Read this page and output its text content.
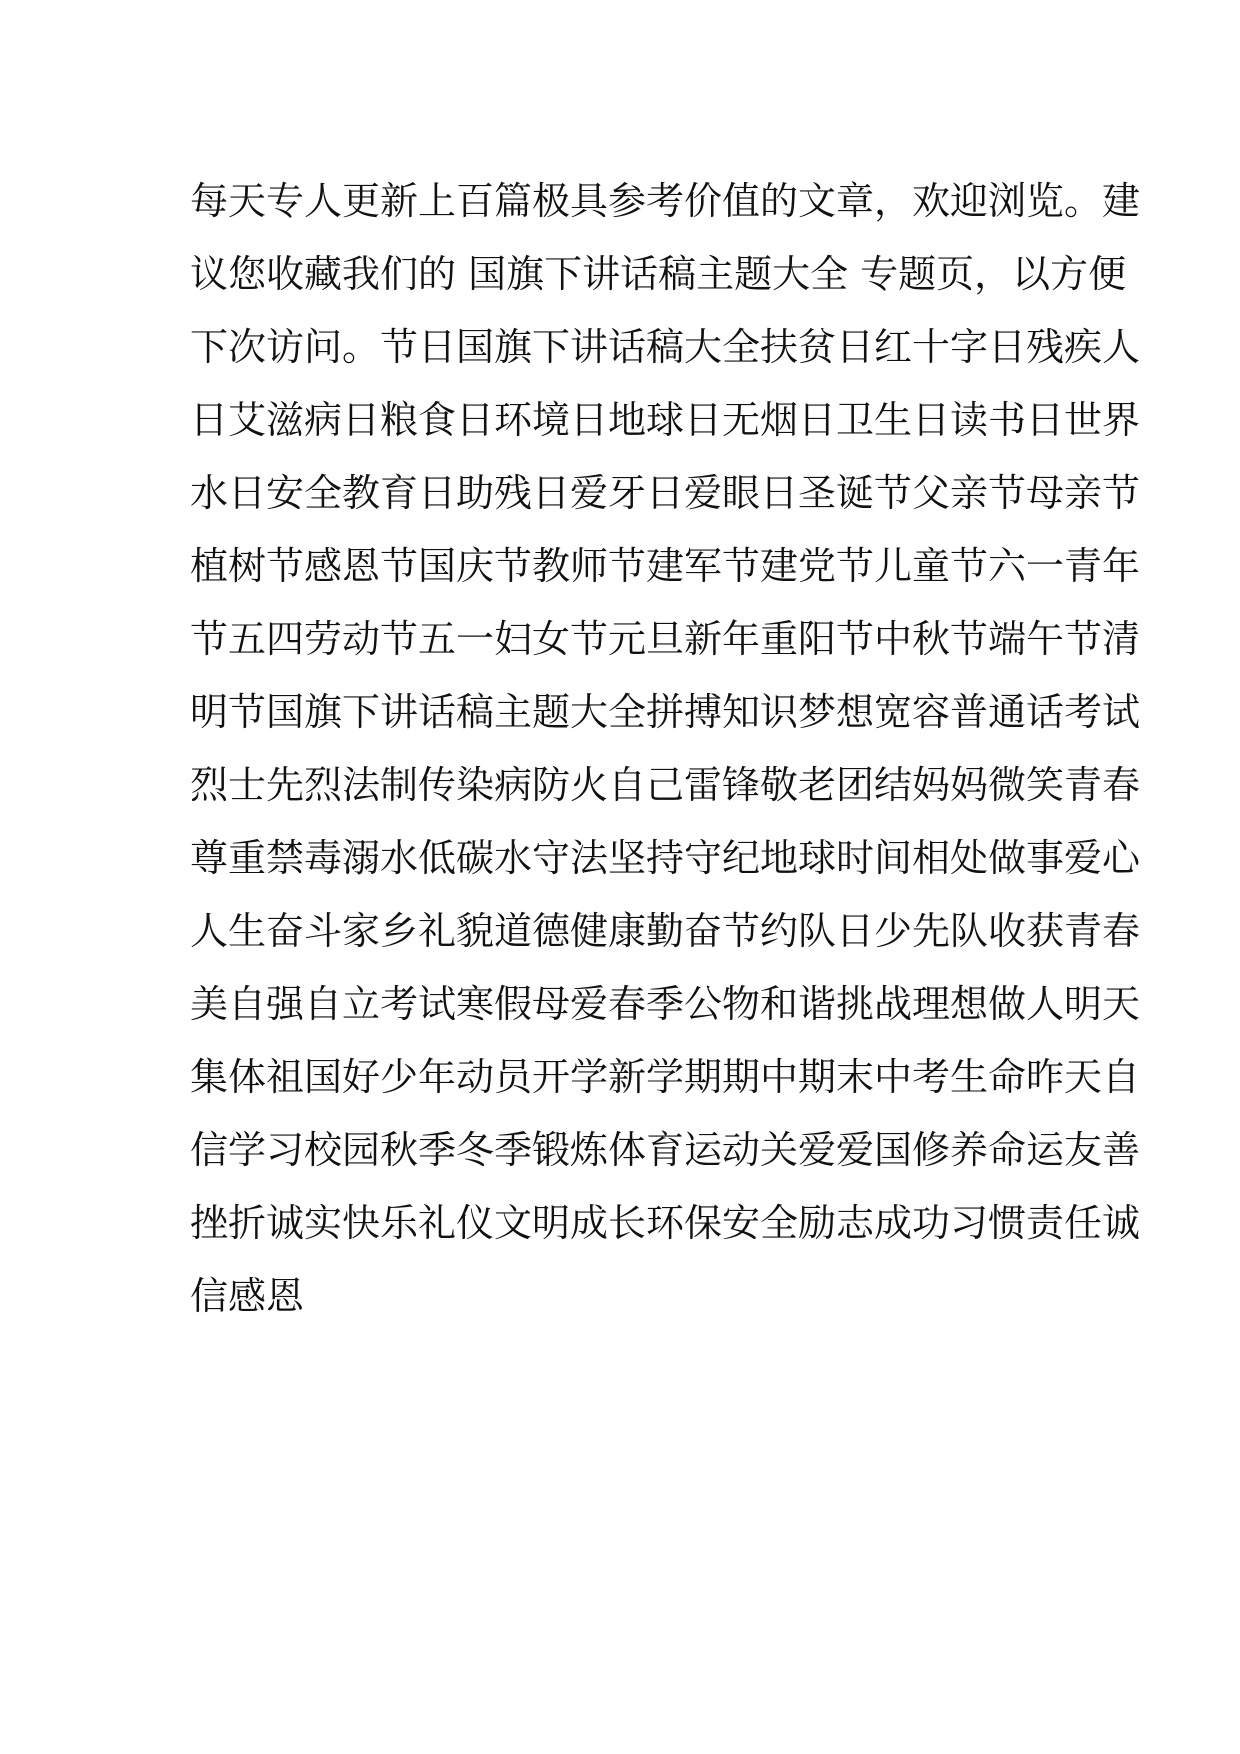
每天专人更新上百篇极具参考价值的文章，欢迎浏览。建
议您收藏我们的 国旗下讲话稿主题大全 专题页，以方便
下次访问。节日国旗下讲话稿大全扶贫日红十字日残疾人
日艾滋病日粮食日环境日地球日无烟日卫生日读书日世界
水日安全教育日助残日爱牙日爱眼日圣诞节父亲节母亲节
植树节感恩节国庆节教师节建军节建党节儿童节六一青年
节五四劳动节五一妇女节元旦新年重阳节中秋节端午节清
明节国旗下讲话稿主题大全拼搏知识梦想宽容普通话考试
烈士先烈法制传染病防火自己雷锋敬老团结妈妈微笑青春
尊重禁毒溺水低碳水守法坚持守纪地球时间相处做事爱心
人生奋斗家乡礼貌道德健康勤奋节约队日少先队收获青春
美自强自立考试寒假母爱春季公物和谐挑战理想做人明天
集体祖国好少年动员开学新学期期中期末中考生命昨天自
信学习校园秋季冬季锻炼体育运动关爱爱国修养命运友善
挫折诚实快乐礼仪文明成长环保安全励志成功习惯责任诚
信感恩
